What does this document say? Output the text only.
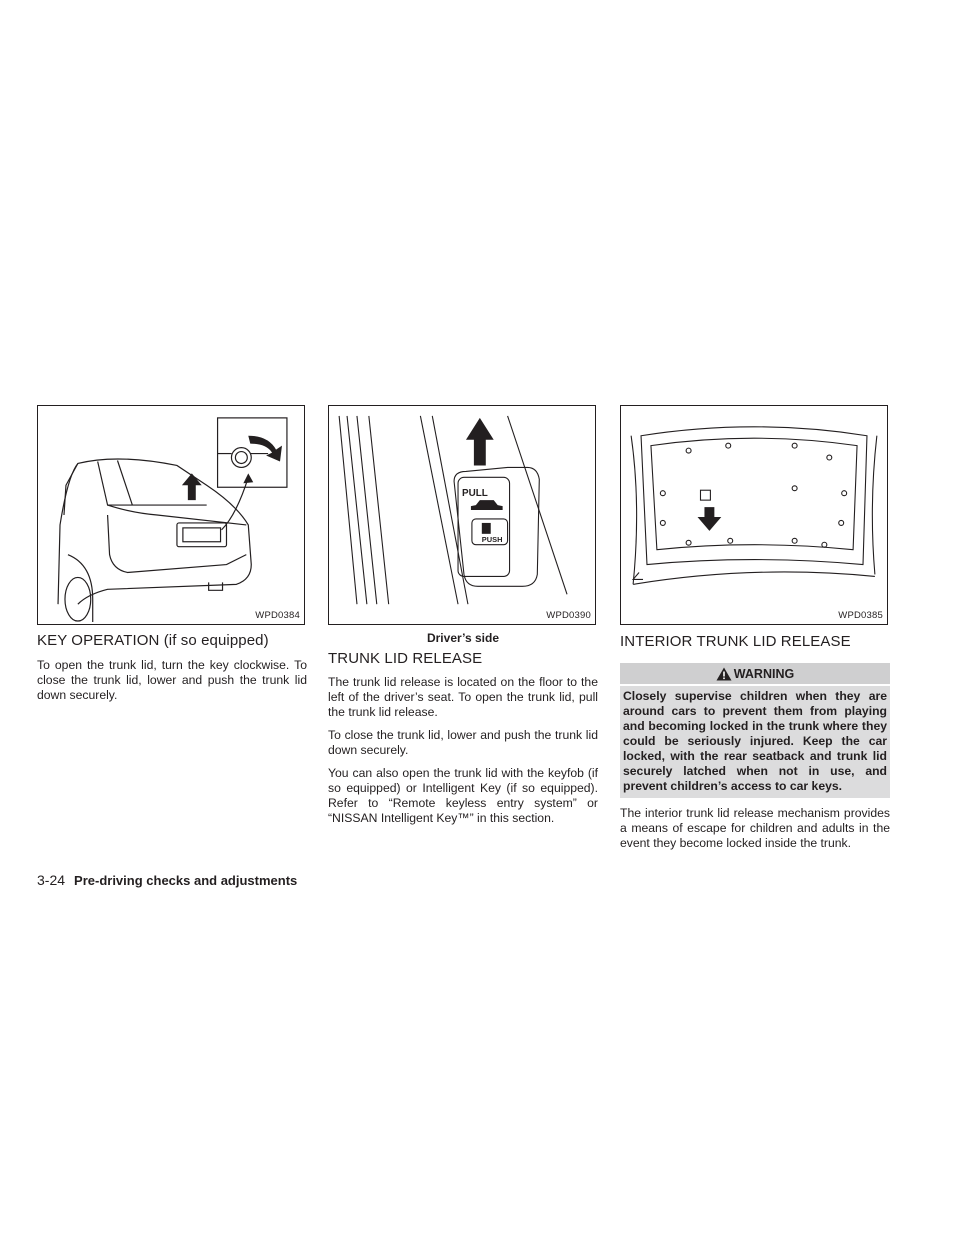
WPD0384
KEY OPERATION (if so equipped)

To open the trunk lid, turn the key clockwise. To close the trunk lid, lower and push the trunk lid down securely.

PULL
PUSH
WPD0390
Driver’s side
TRUNK LID RELEASE

The trunk lid release is located on the floor to the left of the driver’s seat. To open the trunk lid, pull the trunk lid release.

To close the trunk lid, lower and push the trunk lid down securely.

You can also open the trunk lid with the keyfob (if so equipped) or Intelligent Key (if so equipped). Refer to “Remote keyless entry system” or “NISSAN Intelligent Key™” in this section.

WPD0385
INTERIOR TRUNK LID RELEASE
WARNING
Closely supervise children when they are around cars to prevent them from playing and becoming locked in the trunk where they could be seriously injured. Keep the car locked, with the rear seatback and trunk lid securely latched when not in use, and prevent children’s access to car keys.

The interior trunk lid release mechanism provides a means of escape for children and adults in the event they become locked inside the trunk.

3-24 Pre-driving checks and adjustments
